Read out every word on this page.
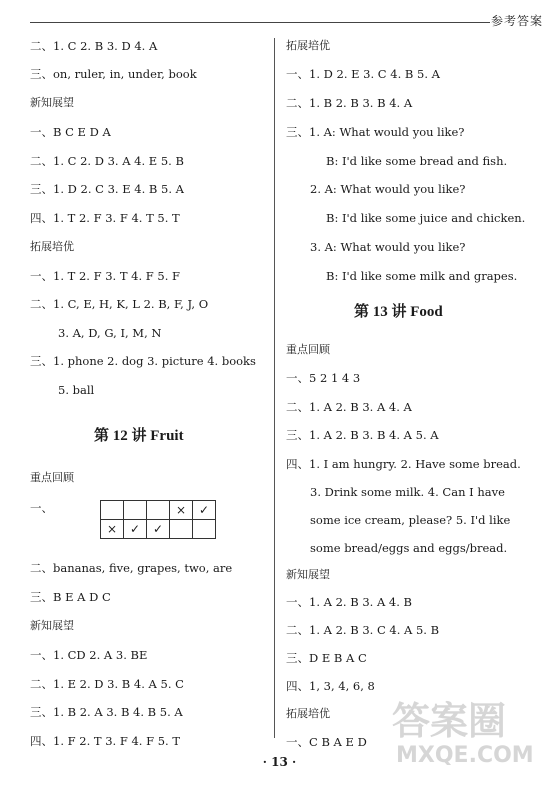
参考答案
二、1. C 2. B 3. D 4. A
三、on, ruler, in, under, book
新知展望
一、B C E D A
二、1. C 2. D 3. A 4. E 5. B
三、1. D 2. C 3. E 4. B 5. A
四、1. T 2. F 3. F 4. T 5. T
拓展培优
一、1. T 2. F 3. T 4. F 5. F
二、1. C, E, H, K, L 2. B, F, J, O
3. A, D, G, I, M, N
三、1. phone 2. dog 3. picture 4. books
5. ball
第 12 讲 Fruit
重点回顾
一、
				×	✓
×	✓	✓		
二、bananas, five, grapes, two, are
三、B E A D C
新知展望
一、1. CD 2. A 3. BE
二、1. E 2. D 3. B 4. A 5. C
三、1. B 2. A 3. B 4. B 5. A
四、1. F 2. T 3. F 4. F 5. T
拓展培优
一、1. D 2. E 3. C 4. B 5. A
二、1. B 2. B 3. B 4. A
三、1. A: What would you like?
B: I'd like some bread and fish.
2. A: What would you like?
B: I'd like some juice and chicken.
3. A: What would you like?
B: I'd like some milk and grapes.
第 13 讲 Food
重点回顾
一、5 2 1 4 3
二、1. A 2. B 3. A 4. A
三、1. A 2. B 3. B 4. A 5. A
四、1. I am hungry. 2. Have some bread.
3. Drink some milk. 4. Can I have
some ice cream, please? 5. I'd like
some bread/eggs and eggs/bread.
新知展望
一、1. A 2. B 3. A 4. B
二、1. A 2. B 3. C 4. A 5. B
三、D E B A C
四、1, 3, 4, 6, 8
拓展培优
一、C B A E D 答案圈
MXQE.COM
· 13 ·
